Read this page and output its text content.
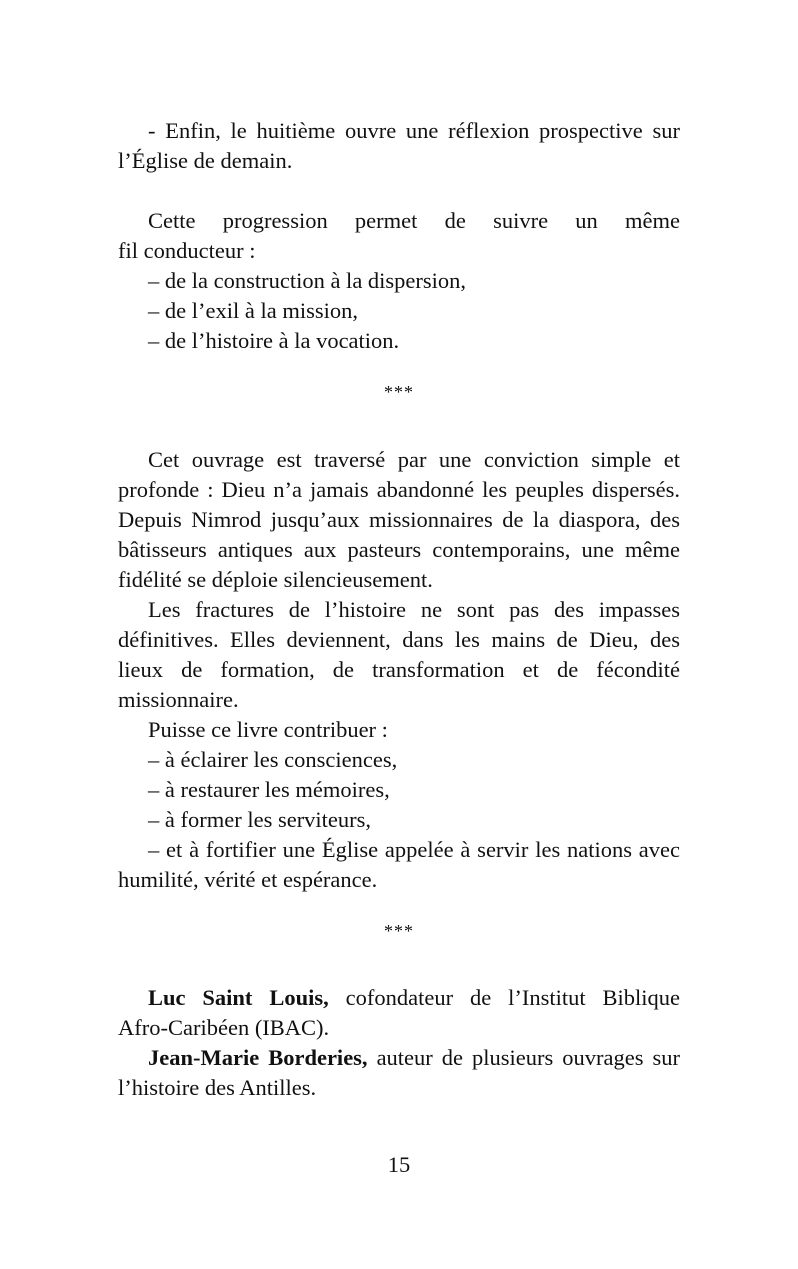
- Enfin, le huitième ouvre une réflexion prospective sur

l’Église de demain.

Cette progression permet de suivre un même

fil conducteur :

– de la construction à la dispersion,

– de l’exil à la mission,

– de l’histoire à la vocation.

***

Cet ouvrage est traversé par une conviction simple et

profonde : Dieu n’a jamais abandonné les peuples dispersés.

Depuis Nimrod jusqu’aux missionnaires de la diaspora, des

bâtisseurs antiques aux pasteurs contemporains, une même

fidélité se déploie silencieusement.

Les fractures de l’histoire ne sont pas des impasses

définitives. Elles deviennent, dans les mains de Dieu, des

lieux de formation, de transformation et de fécondité

missionnaire.

Puisse ce livre contribuer :

– à éclairer les consciences,

– à restaurer les mémoires,

– à former les serviteurs,

– et à fortifier une Église appelée à servir les nations avec

humilité, vérité et espérance.

***

Luc Saint Louis, cofondateur de l’Institut Biblique

Afro-Caribéen (IBAC).

Jean-Marie Borderies, auteur de plusieurs ouvrages sur

l’histoire des Antilles.

15
